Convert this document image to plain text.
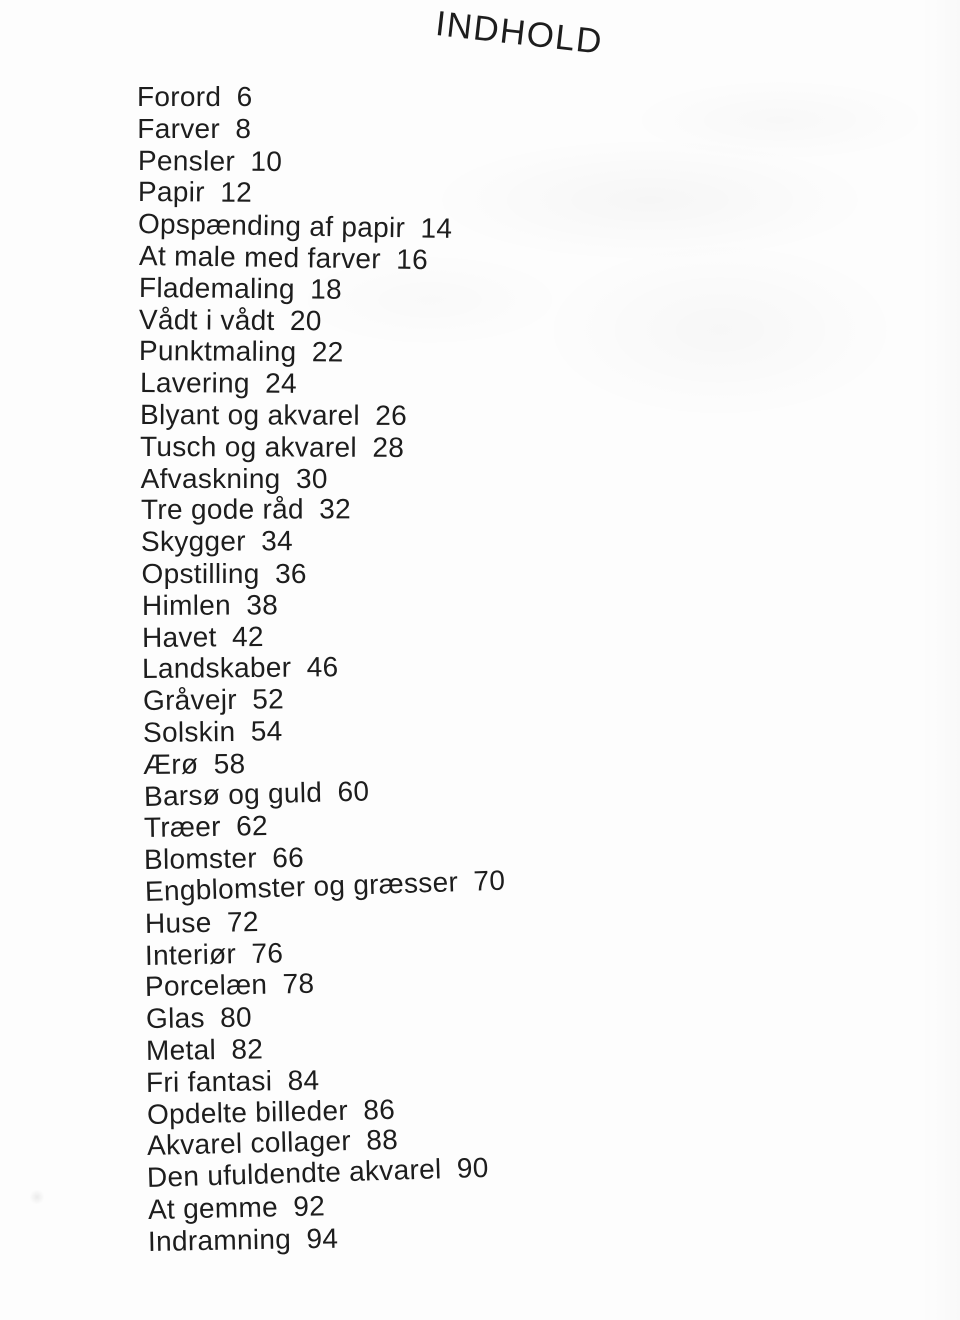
INDHOLD
Forord 6
Farver 8
Pensler 10
Papir 12
Opspænding af papir 14
At male med farver 16
Flademaling 18
Vådt i vådt 20
Punktmaling 22
Lavering 24
Blyant og akvarel 26
Tusch og akvarel 28
Afvaskning 30
Tre gode råd 32
Skygger 34
Opstilling 36
Himlen 38
Havet 42
Landskaber 46
Gråvejr 52
Solskin 54
Ærø 58
Barsø og guld 60
Træer 62
Blomster 66
Engblomster og græsser 70
Huse 72
Interiør 76
Porcelæn 78
Glas 80
Metal 82
Fri fantasi 84
Opdelte billeder 86
Akvarel collager 88
Den ufuldendte akvarel 90
At gemme 92
Indramning 94
